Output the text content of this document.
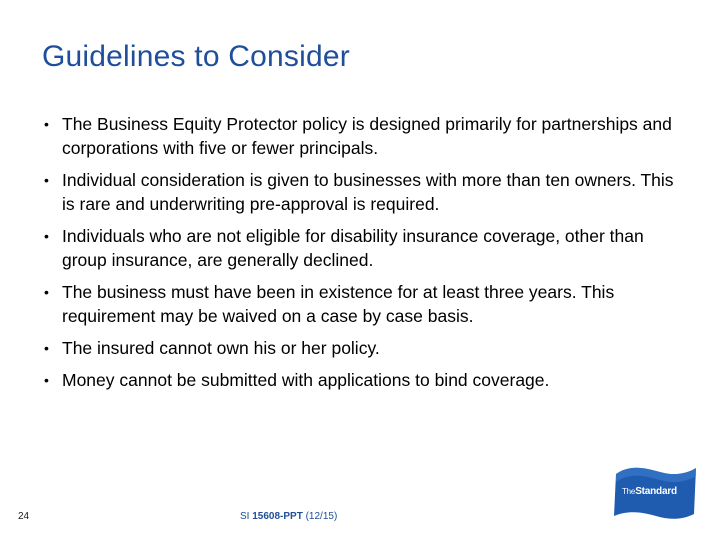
Guidelines to Consider
• The Business Equity Protector policy is designed primarily for partnerships and corporations with five or fewer principals.
• Individual consideration is given to businesses with more than ten owners. This is rare and underwriting pre-approval is required.
• Individuals who are not eligible for disability insurance coverage, other than group insurance, are generally declined.
• The business must have been in existence for at least three years. This requirement may be waived on a case by case basis.
• The insured cannot own his or her policy.
• Money cannot be submitted with applications to bind coverage.
24	SI 15608-PPT (12/15)
TheStandard
